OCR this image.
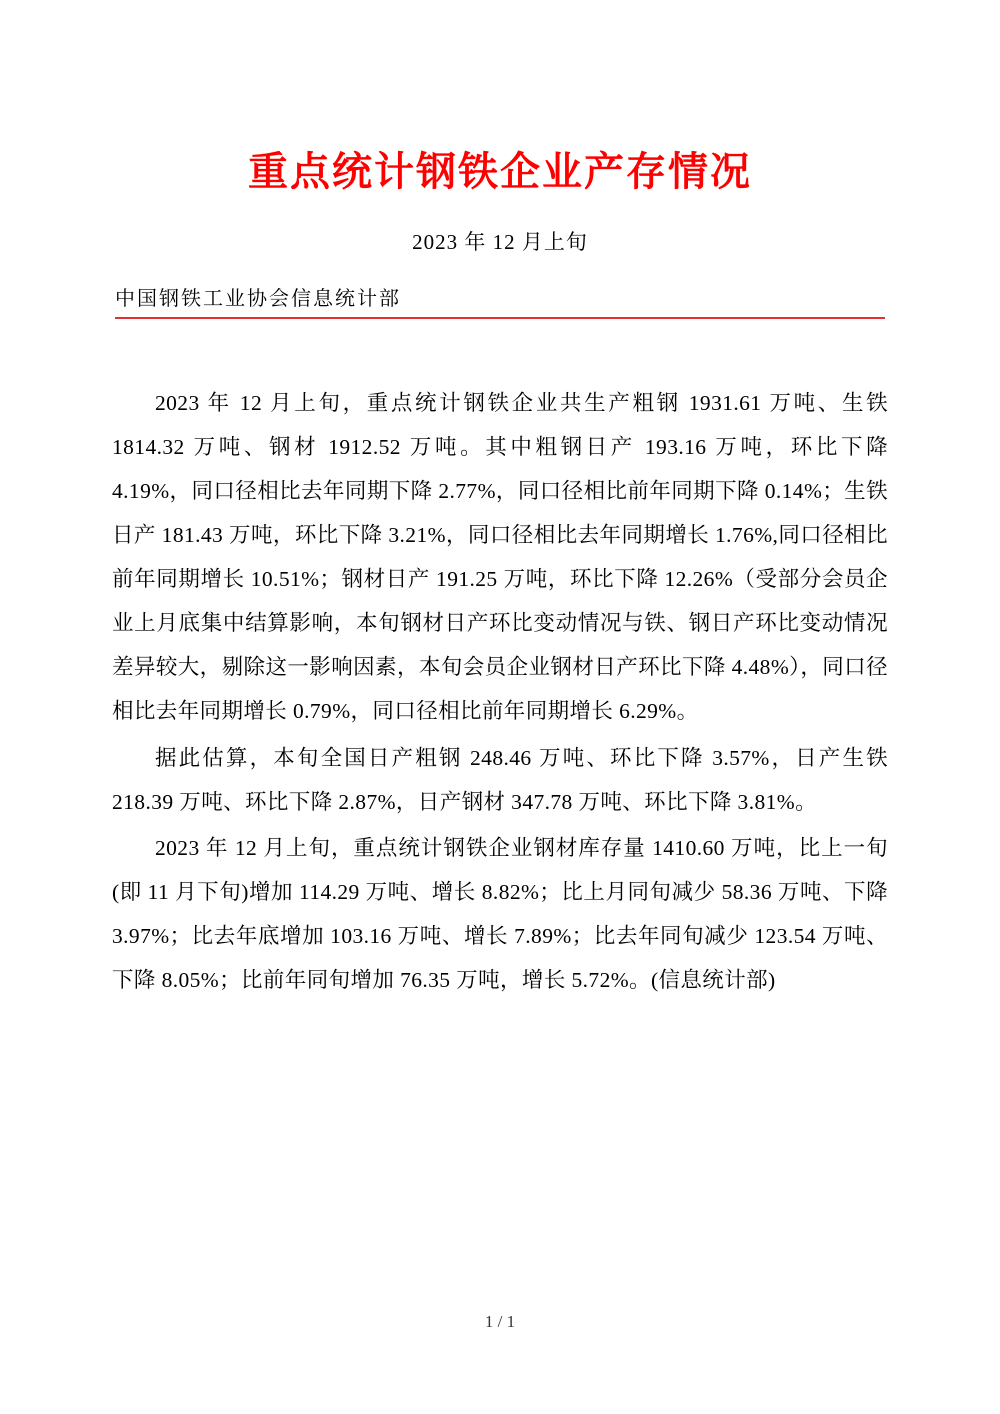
重点统计钢铁企业产存情况
2023 年 12 月上旬
中国钢铁工业协会信息统计部

2023 年 12 月上旬，重点统计钢铁企业共生产粗钢 1931.61 万吨、生铁 1814.32 万吨、钢材 1912.52 万吨。其中粗钢日产 193.16 万吨，环比下降 4.19%，同口径相比去年同期下降 2.77%，同口径相比前年同期下降 0.14%；生铁日产 181.43 万吨，环比下降 3.21%，同口径相比去年同期增长 1.76%,同口径相比前年同期增长 10.51%；钢材日产 191.25 万吨，环比下降 12.26%（受部分会员企业上月底集中结算影响，本旬钢材日产环比变动情况与铁、钢日产环比变动情况差异较大，剔除这一影响因素，本旬会员企业钢材日产环比下降 4.48%），同口径相比去年同期增长 0.79%，同口径相比前年同期增长 6.29%。

据此估算，本旬全国日产粗钢 248.46 万吨、环比下降 3.57%，日产生铁 218.39 万吨、环比下降 2.87%，日产钢材 347.78 万吨、环比下降 3.81%。

2023 年 12 月上旬，重点统计钢铁企业钢材库存量 1410.60 万吨，比上一旬(即 11 月下旬)增加 114.29 万吨、增长 8.82%；比上月同旬减少 58.36 万吨、下降 3.97%；比去年底增加 103.16 万吨、增长 7.89%；比去年同旬减少 123.54 万吨、下降 8.05%；比前年同旬增加 76.35 万吨，增长 5.72%。(信息统计部)

1 / 1
